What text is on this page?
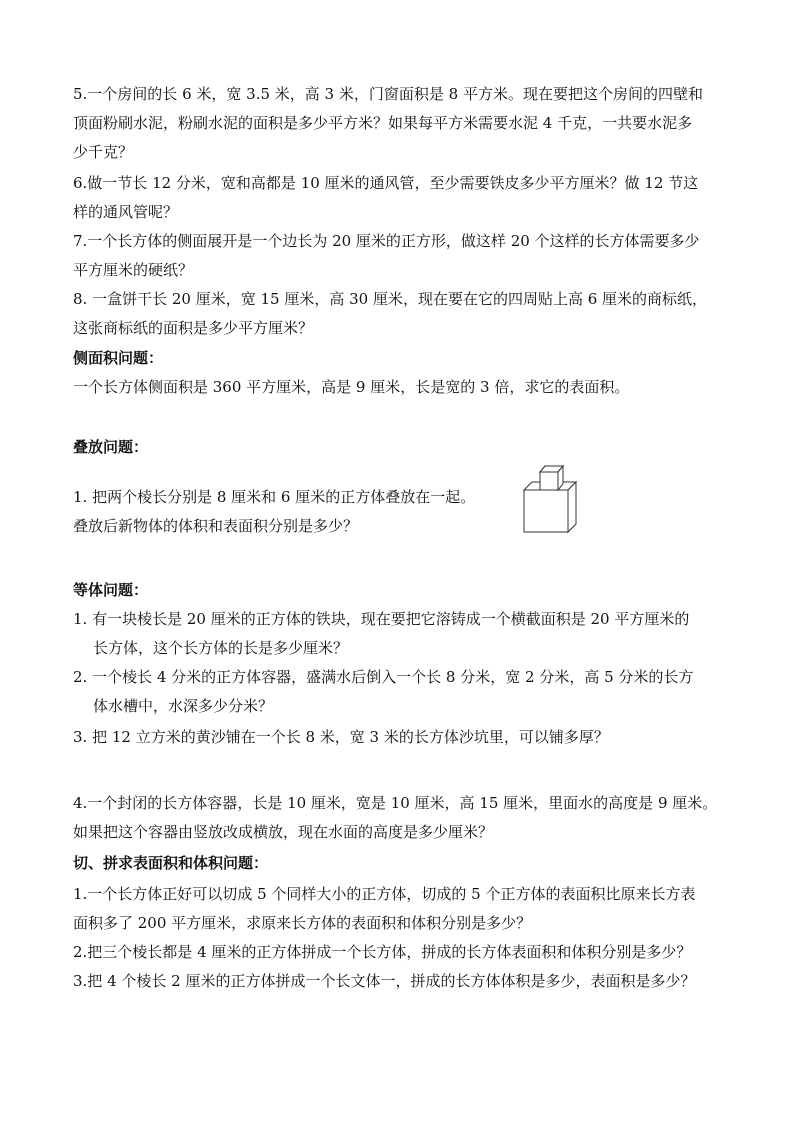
5.一个房间的长 6 米，宽 3.5 米，高 3 米，门窗面积是 8 平方米。现在要把这个房间的四壁和
顶面粉刷水泥，粉刷水泥的面积是多少平方米？如果每平方米需要水泥 4 千克，一共要水泥多
少千克？
6.做一节长 12 分米，宽和高都是 10 厘米的通风管，至少需要铁皮多少平方厘米？做 12 节这
样的通风管呢？
7.一个长方体的侧面展开是一个边长为 20 厘米的正方形，做这样 20 个这样的长方体需要多少
平方厘米的硬纸？
8. 一盒饼干长 20 厘米，宽 15 厘米，高 30 厘米，现在要在它的四周贴上高 6 厘米的商标纸，
这张商标纸的面积是多少平方厘米？
侧面积问题：
一个长方体侧面积是 360 平方厘米，高是 9 厘米，长是宽的 3 倍，求它的表面积。
叠放问题：
1. 把两个棱长分别是 8 厘米和 6 厘米的正方体叠放在一起。
叠放后新物体的体积和表面积分别是多少？
等体问题：
1. 有一块棱长是 20 厘米的正方体的铁块，现在要把它溶铸成一个横截面积是 20 平方厘米的
长方体，这个长方体的长是多少厘米？
2. 一个棱长 4 分米的正方体容器，盛满水后倒入一个长 8 分米，宽 2 分米，高 5 分米的长方
体水槽中，水深多少分米？
3. 把 12 立方米的黄沙铺在一个长 8 米，宽 3 米的长方体沙坑里，可以铺多厚？
4.一个封闭的长方体容器，长是 10 厘米，宽是 10 厘米，高 15 厘米，里面水的高度是 9 厘米。
如果把这个容器由竖放改成横放，现在水面的高度是多少厘米？
切、拼求表面积和体积问题：
1.一个长方体正好可以切成 5 个同样大小的正方体，切成的 5 个正方体的表面积比原来长方表
面积多了 200 平方厘米，求原来长方体的表面积和体积分别是多少？
2.把三个棱长都是 4 厘米的正方体拼成一个长方体，拼成的长方体表面积和体积分别是多少？
3.把 4 个棱长 2 厘米的正方体拼成一个长文体一，拼成的长方体体积是多少，表面积是多少？
